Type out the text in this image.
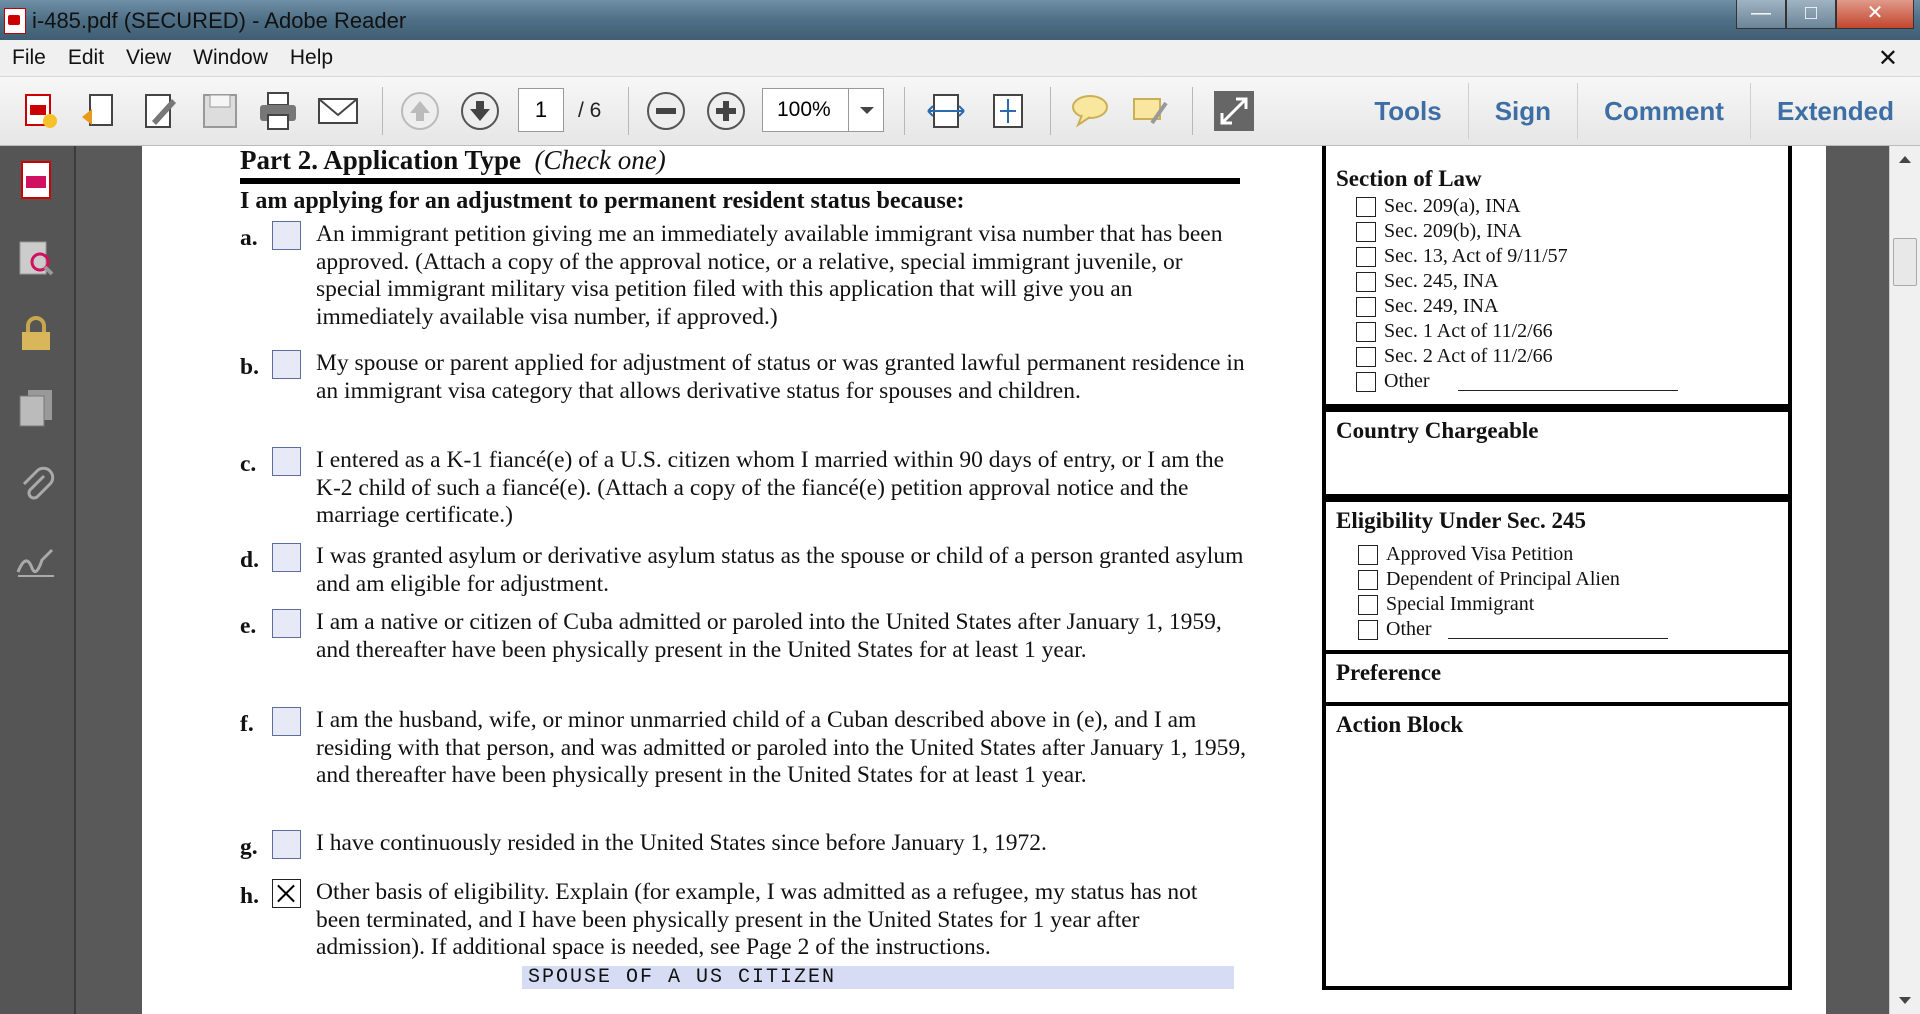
i-485.pdf (SECURED) - Adobe Reader	—	□	✕
File Edit View Window Help	✕
1	/ 6	100%	Tools	Sign	Comment	Extended
Part 2. Application Type (Check one)
I am applying for an adjustment to permanent resident status because:
a. An immigrant petition giving me an immediately available immigrant visa number that has been approved. (Attach a copy of the approval notice, or a relative, special immigrant juvenile, or special immigrant military visa petition filed with this application that will give you an immediately available visa number, if approved.)
b. My spouse or parent applied for adjustment of status or was granted lawful permanent residence in an immigrant visa category that allows derivative status for spouses and children.
c.	I entered as a K-1 fiancé(e) of a U.S. citizen whom I married within 90 days of entry, or I am the K-2 child of such a fiancé(e). (Attach a copy of the fiancé(e) petition approval notice and the marriage certificate.)
d. I was granted asylum or derivative asylum status as the spouse or child of a person granted asylum and am eligible for adjustment.
e.	I am a native or citizen of Cuba admitted or paroled into the United States after January 1, 1959, and thereafter have been physically present in the United States for at least 1 year.
f.	I am the husband, wife, or minor unmarried child of a Cuban described above in (e), and I am residing with that person, and was admitted or paroled into the United States after January 1, 1959, and thereafter have been physically present in the United States for at least 1 year.
g. I have continuously resided in the United States since before January 1, 1972.
h. Other basis of eligibility. Explain (for example, I was admitted as a refugee, my status has not been terminated, and I have been physically present in the United States for 1 year after admission). If additional space is needed, see Page 2 of the instructions.
SPOUSE OF A US CITIZEN
Section of Law
Sec. 209(a), INA
Sec. 209(b), INA
Sec. 13, Act of 9/11/57
Sec. 245, INA
Sec. 249, INA
Sec. 1 Act of 11/2/66
Sec. 2 Act of 11/2/66
Other
Country Chargeable
Eligibility Under Sec. 245
Approved Visa Petition
Dependent of Principal Alien
Special Immigrant
Other
Preference
Action Block
